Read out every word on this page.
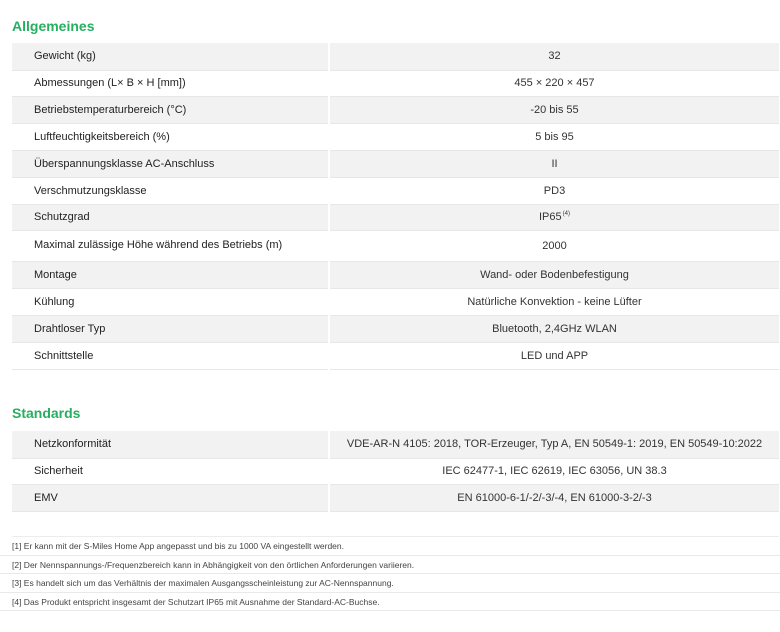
Allgemeines
Gewicht (kg)	32
Abmessungen (L× B × H [mm])	455 × 220 × 457
Betriebstemperaturbereich (°C)	-20 bis 55
Luftfeuchtigkeitsbereich (%)	5 bis 95
Überspannungsklasse AC-Anschluss	II
Verschmutzungsklasse	PD3
Schutzgrad	IP65$^{(4)}$

Maximal zulässige Höhe während des Betriebs (m)	2000
Montage	Wand- oder Bodenbefestigung
Kühlung	Natürliche Konvektion - keine Lüfter
Drahtloser Typ	Bluetooth, 2,4GHz WLAN
Schnittstelle	LED und APP
Standards
Netzkonformität	VDE-AR-N 4105: 2018, TOR-Erzeuger, Typ A, EN 50549-1: 2019, EN 50549-10:2022
Sicherheit	IEC 62477-1, IEC 62619, IEC 63056, UN 38.3
EMV	EN 61000-6-1/-2/-3/-4, EN 61000-3-2/-3
[1] Er kann mit der S-Miles Home App angepasst und bis zu 1000 VA eingestellt werden.
[2] Der Nennspannungs-/Frequenzbereich kann in Abhängigkeit von den örtlichen Anforderungen variieren.
[3] Es handelt sich um das Verhältnis der maximalen Ausgangsscheinleistung zur AC-Nennspannung.
[4] Das Produkt entspricht insgesamt der Schutzart IP65 mit Ausnahme der Standard-AC-Buchse.
